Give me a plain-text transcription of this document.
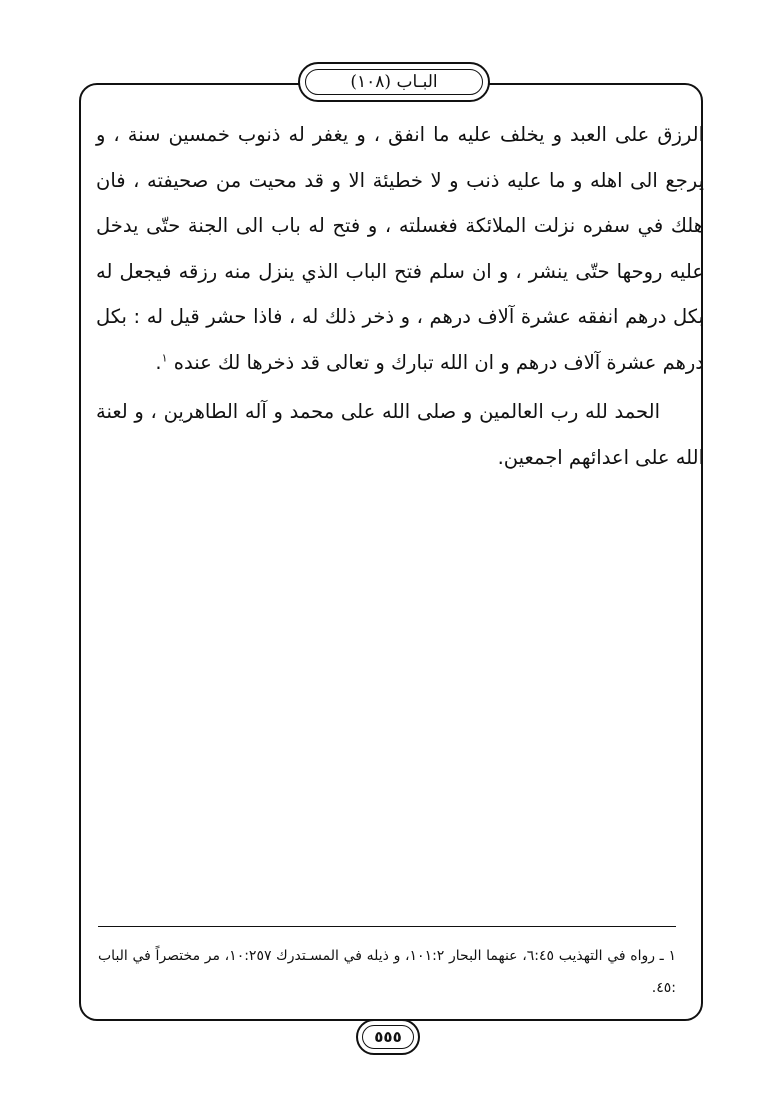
البـاب (١٠٨)

الرزق على العبد و يخلف عليه ما انفق ، و يغفر له ذنوب خمسين سنة ، و يرجع الى اهله و ما عليه ذنب و لا خطيئة الا و قد محيت من صحيفته ، فان هلك في سفره نزلت الملائكة فغسلته ، و فتح له باب الى الجنة حتّى يدخل عليه روحها حتّى ينشر ، و ان سلم فتح الباب الذي ينزل منه رزقه فيجعل له بكل درهم انفقه عشرة آلاف درهم ، و ذخر ذلك له ، فاذا حشر قيل له : بكل درهم عشرة آلاف درهم و ان الله تبارك و تعالى قد ذخرها لك عنده $^١$.

الحمد لله رب العالمين و صلى الله على محمد و آله الطاهرين ، و لعنة الله على اعدائهم اجمعين.

١ ـ رواه في التهذيب ٦:٤٥، عنهما البحار ١٠١:٢، و ذيله في المسـتدرك ١٠:٢٥٧، مر مختصراً في الباب :٤٥.
٥٥٥
